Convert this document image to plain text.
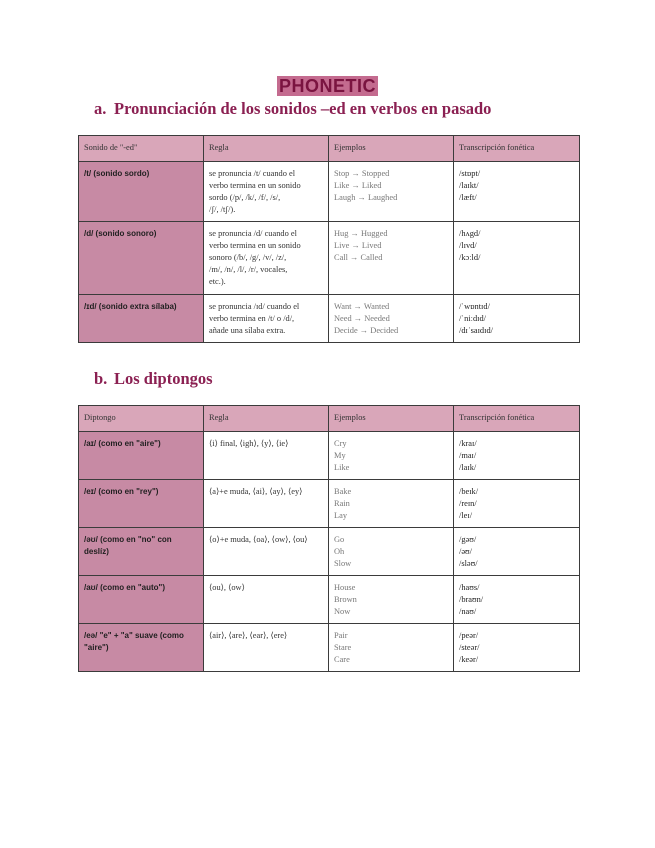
PHONETIC
a. Pronunciación de los sonidos –ed en verbos en pasado
Sonido de "-ed"	Regla	Ejemplos	Transcripción fonética
/t/ (sonido sordo)	se pronuncia /t/ cuando el
verbo termina en un sonido
sordo (/p/, /k/, /f/, /s/,
/ʃ/, /tʃ/).	Stop → Stopped
Like → Liked
Laugh → Laughed	/stɒpt/
/laɪkt/
/læft/

/d/ (sonido sonoro)	se pronuncia /d/ cuando el
verbo termina en un sonido
sonoro (/b/, /g/, /v/, /z/,
/m/, /n/, /l/, /r/, vocales,
etc.).	Hug → Hugged
Live → Lived
Call → Called	/hʌgd/
/lɪvd/
/kɔːld/

/ɪd/ (sonido extra sílaba)	se pronuncia /ɪd/ cuando el
verbo termina en /t/ o /d/,
añade una sílaba extra.	Want → Wanted
Need → Needed
Decide → Decided	/ˈwɒntɪd/
/ˈniːdɪd/
/dɪˈsaɪdɪd/
b. Los diptongos
Diptongo	Regla	Ejemplos	Transcripción fonética
/aɪ/ (como en "aire")	⟨i⟩ final, ⟨igh⟩, ⟨y⟩, ⟨ie⟩	Cry
My
Like	/kraɪ/
/maɪ/
/laɪk/

/eɪ/ (como en "rey")	⟨a⟩+e muda, ⟨ai⟩, ⟨ay⟩, ⟨ey⟩	Bake
Rain
Lay	/beɪk/
/reɪn/
/leɪ/

/əʊ/ (como en "no" con deslíz)	⟨o⟩+e muda, ⟨oa⟩, ⟨ow⟩, ⟨ou⟩	Go
Oh
Slow	/gəʊ/
/əʊ/
/sləʊ/

/aʊ/ (como en "auto")	⟨ou⟩, ⟨ow⟩	House
Brown
Now	/haʊs/
/braʊn/
/naʊ/

/eə/ "e" + "a" suave (como "aire")	⟨air⟩, ⟨are⟩, ⟨ear⟩, ⟨ere⟩	Pair
Stare
Care	/peər/
/steər/
/keər/
